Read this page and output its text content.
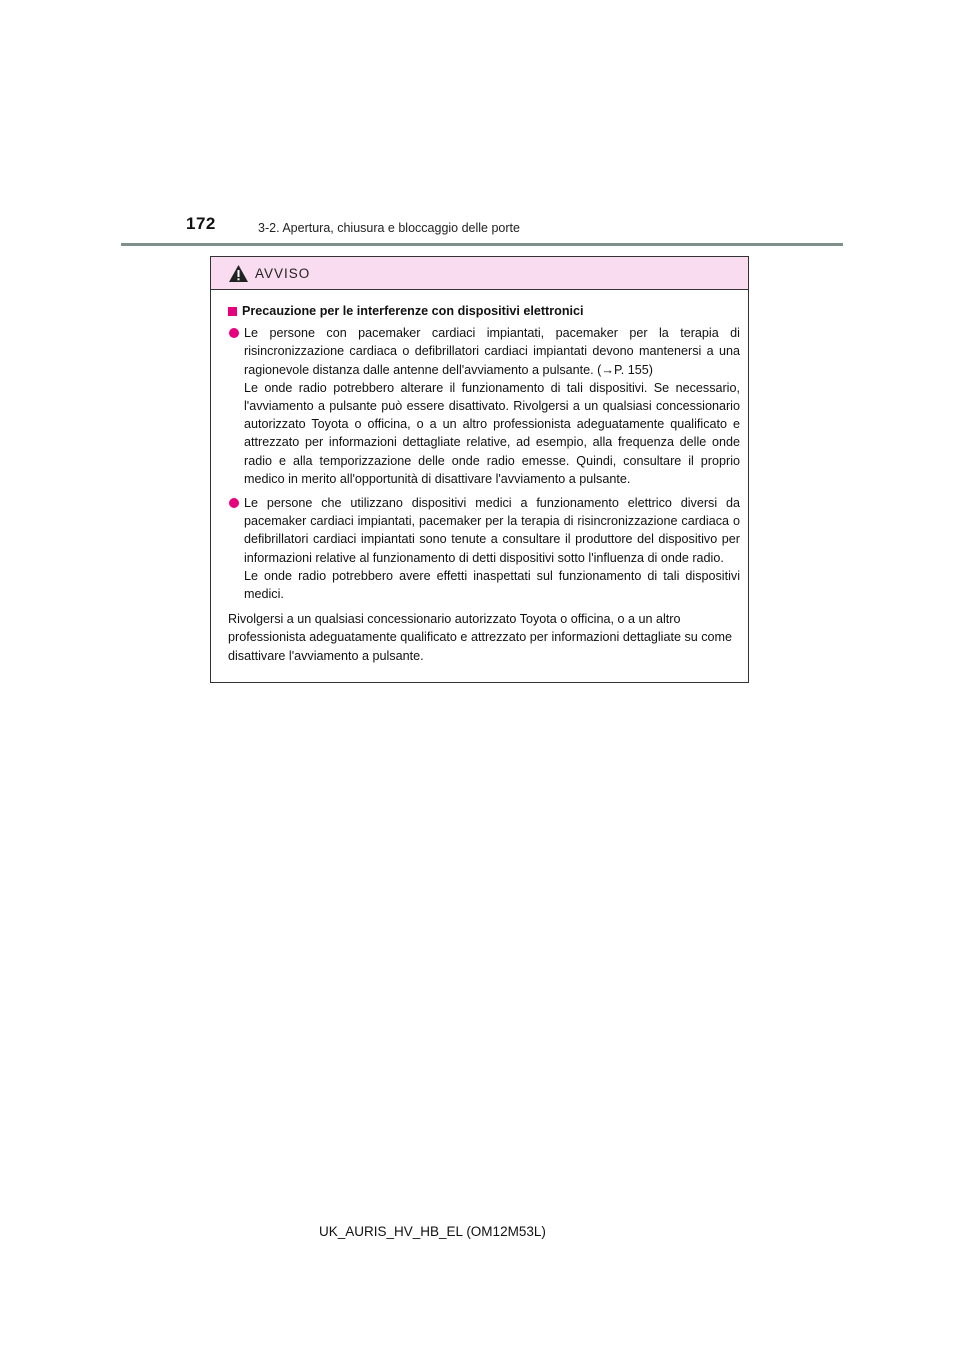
172	3-2. Apertura, chiusura e bloccaggio delle porte
AVVISO
Precauzione per le interferenze con dispositivi elettronici
Le persone con pacemaker cardiaci impiantati, pacemaker per la terapia di risincronizzazione cardiaca o defibrillatori cardiaci impiantati devono mantenersi a una ragionevole distanza dalle antenne dell'avviamento a pulsante. (→P. 155)
Le onde radio potrebbero alterare il funzionamento di tali dispositivi. Se necessario, l'avviamento a pulsante può essere disattivato. Rivolgersi a un qualsiasi concessionario autorizzato Toyota o officina, o a un altro professionista adeguatamente qualificato e attrezzato per informazioni dettagliate relative, ad esempio, alla frequenza delle onde radio e alla temporizzazione delle onde radio emesse. Quindi, consultare il proprio medico in merito all'opportunità di disattivare l'avviamento a pulsante.
Le persone che utilizzano dispositivi medici a funzionamento elettrico diversi da pacemaker cardiaci impiantati, pacemaker per la terapia di risincronizzazione cardiaca o defibrillatori cardiaci impiantati sono tenute a consultare il produttore del dispositivo per informazioni relative al funzionamento di detti dispositivi sotto l'influenza di onde radio.
Le onde radio potrebbero avere effetti inaspettati sul funzionamento di tali dispositivi medici.
Rivolgersi a un qualsiasi concessionario autorizzato Toyota o officina, o a un altro professionista adeguatamente qualificato e attrezzato per informazioni dettagliate su come disattivare l'avviamento a pulsante.
UK_AURIS_HV_HB_EL (OM12M53L)
